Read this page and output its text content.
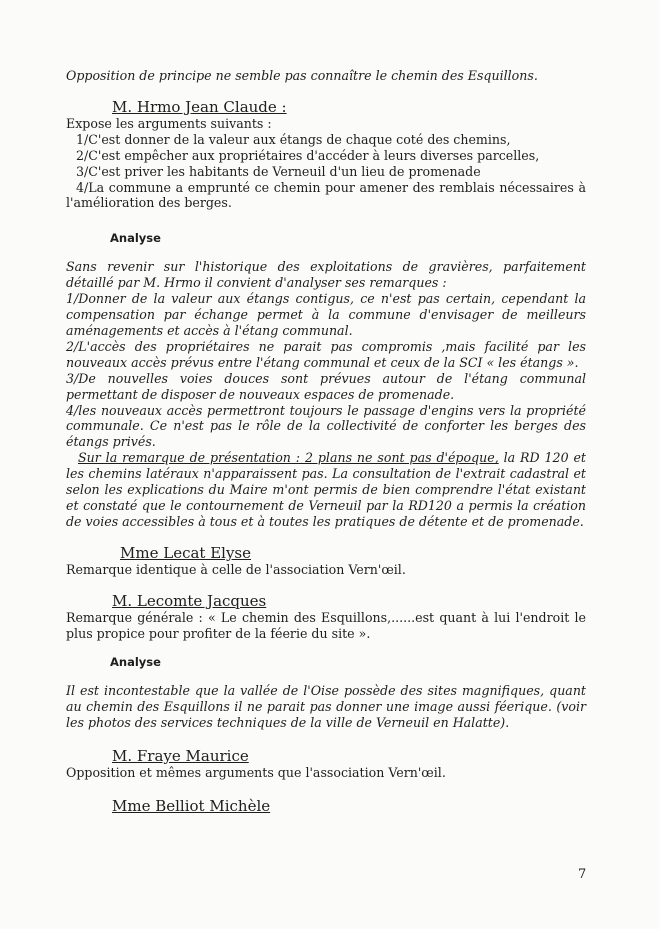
Opposition de principe ne semble pas connaître le chemin des Esquillons.

M. Hrmo Jean Claude :

Expose les arguments suivants :

1/C'est donner de la valeur aux étangs de chaque coté des chemins,

2/C'est empêcher aux propriétaires d'accéder à leurs diverses parcelles,

3/C'est priver les habitants de Verneuil d'un lieu de promenade

4/La commune a emprunté ce chemin pour amener des remblais nécessaires à l'amélioration des berges.

Analyse

Sans revenir sur l'historique des exploitations de gravières, parfaitement détaillé par M. Hrmo il convient d'analyser ses remarques :

1/Donner de la valeur aux étangs contigus, ce n'est pas certain, cependant la compensation par échange permet à la commune d'envisager de meilleurs aménagements et accès à l'étang communal.

2/L'accès des propriétaires ne parait pas compromis ,mais facilité par les nouveaux accès prévus entre l'étang communal et ceux de la SCI « les étangs ».

3/De nouvelles voies douces sont prévues autour de l'étang communal permettant de disposer de nouveaux espaces de promenade.

4/les nouveaux accès permettront toujours le passage d'engins vers la propriété communale. Ce n'est pas le rôle de la collectivité de conforter les berges des étangs privés.

Sur la remarque de présentation : 2 plans ne sont pas d'époque, la RD 120 et les chemins latéraux n'apparaissent pas. La consultation de l'extrait cadastral et selon les explications du Maire m'ont permis de bien comprendre l'état existant et constaté que le contournement de Verneuil par la RD120 a permis la création de voies accessibles à tous et à toutes les pratiques de détente et de promenade.

Mme Lecat Elyse

Remarque identique à celle de l'association Vern'œil.

M. Lecomte Jacques

Remarque générale : « Le chemin des Esquillons,......est quant à lui l'endroit le plus propice pour profiter de la féerie du site ».

Analyse

Il est incontestable que la vallée de l'Oise possède des sites magnifiques, quant au chemin des Esquillons il ne parait pas donner une image aussi féerique. (voir les photos des services techniques de la ville de Verneuil en Halatte).

M. Fraye Maurice

Opposition et mêmes arguments que l'association Vern'œil.

Mme Belliot Michèle

7
